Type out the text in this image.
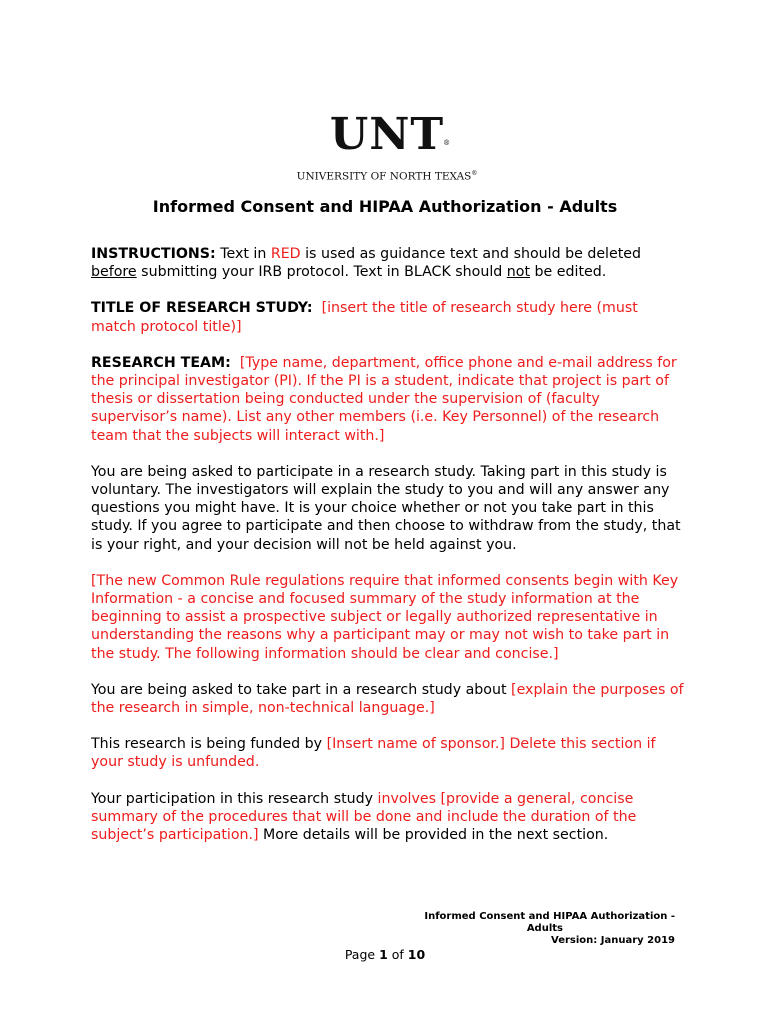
UNT ®
UNIVERSITY OF NORTH TEXAS®
Informed Consent and HIPAA Authorization - Adults

INSTRUCTIONS: Text in RED is used as guidance text and should be deleted before submitting your IRB protocol. Text in BLACK should not be edited.

TITLE OF RESEARCH STUDY: [insert the title of research study here (must match protocol title)]

RESEARCH TEAM: [Type name, department, office phone and e-mail address for the principal investigator (PI). If the PI is a student, indicate that project is part of thesis or dissertation being conducted under the supervision of (faculty supervisor’s name). List any other members (i.e. Key Personnel) of the research team that the subjects will interact with.]

You are being asked to participate in a research study. Taking part in this study is voluntary. The investigators will explain the study to you and will any answer any questions you might have. It is your choice whether or not you take part in this study. If you agree to participate and then choose to withdraw from the study, that is your right, and your decision will not be held against you.

[The new Common Rule regulations require that informed consents begin with Key Information - a concise and focused summary of the study information at the beginning to assist a prospective subject or legally authorized representative in understanding the reasons why a participant may or may not wish to take part in the study. The following information should be clear and concise.]

You are being asked to take part in a research study about [explain the purposes of the research in simple, non-technical language.]

This research is being funded by [Insert name of sponsor.] Delete this section if your study is unfunded.

Your participation in this research study involves [provide a general, concise summary of the procedures that will be done and include the duration of the subject’s participation.] More details will be provided in the next section.

Informed Consent and HIPAA Authorization -
Adults
Version: January 2019
Page 1 of 10
